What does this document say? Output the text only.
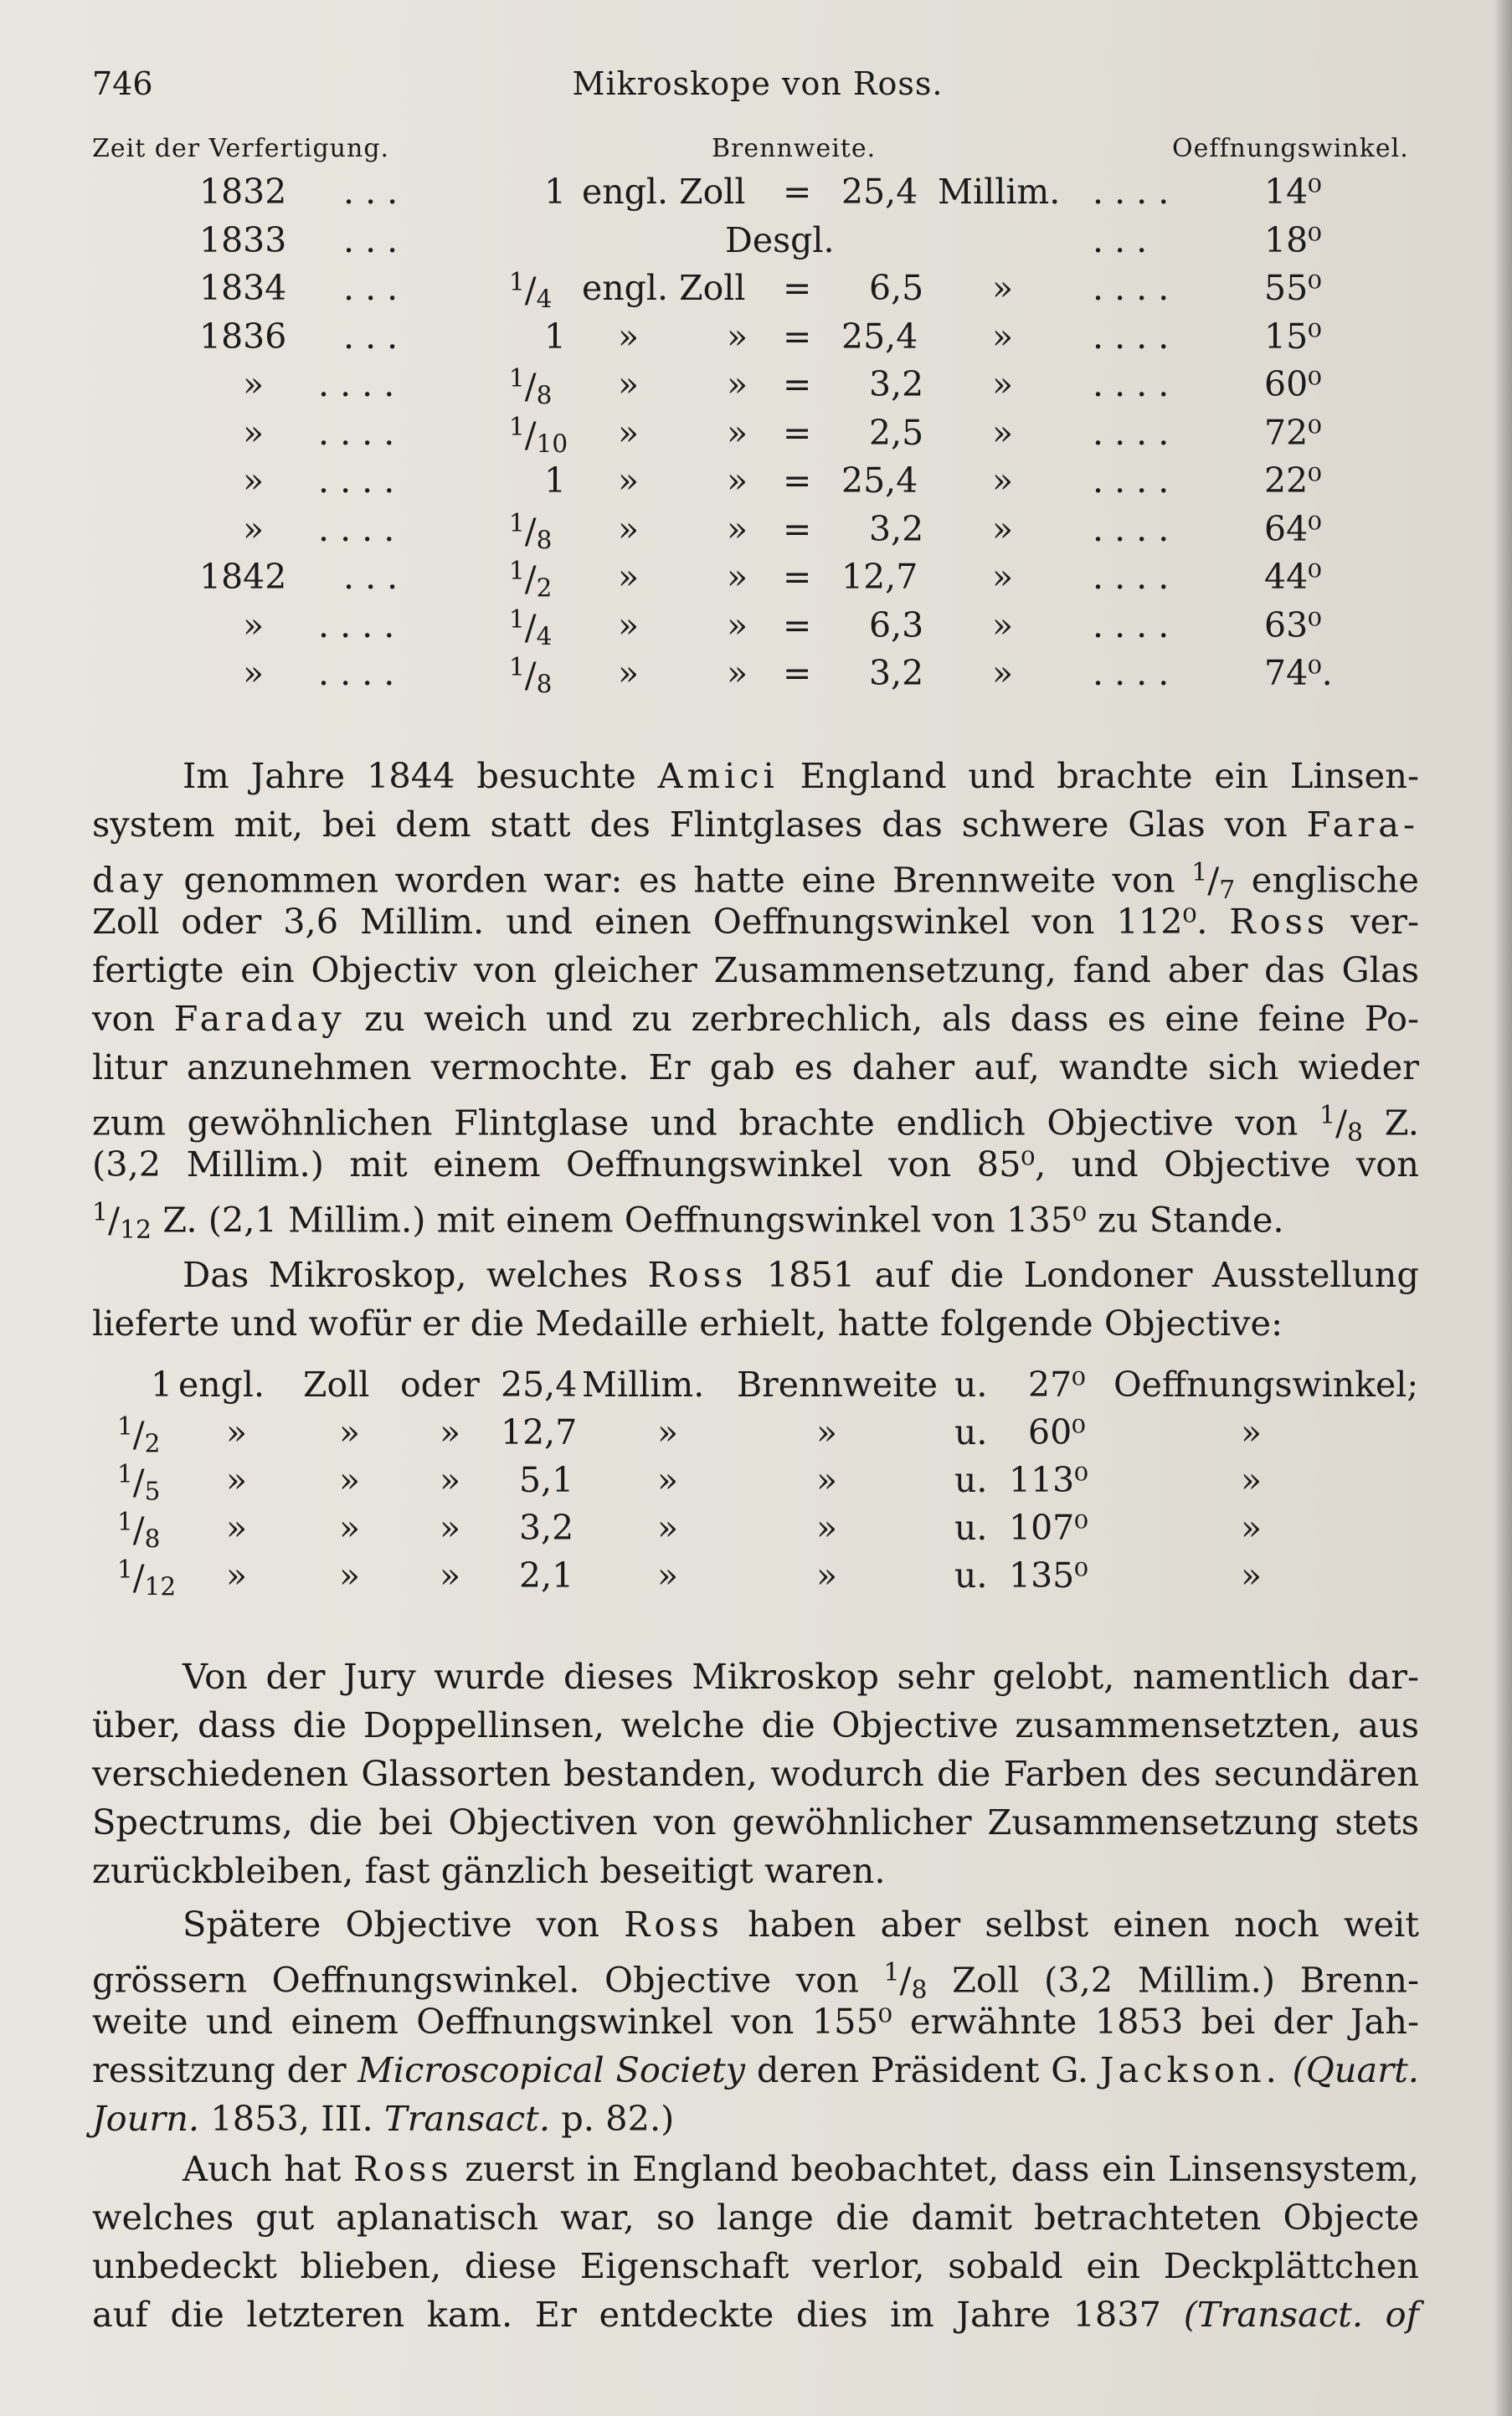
746	Mikroskope von Ross.
Zeit der Verfertigung.	Brennweite.	Oeffnungswinkel.
1832 . . .	1 engl. Zoll = 25,4 Millim. . . . .	14⁰
1833 . . .	Desgl.	. . .	18⁰
1834 . . .	$^1$/4 engl. Zoll = 6,5 » . . . .	55⁰
1836 . . .	1 »	» = 25,4 » . . . .	15⁰
» . . . .	$^1$/8 »	» = 3,2 » . . . .	60⁰
» . . . .	$^1$/10 »	» = 2,5 » . . . .	72⁰
» . . . .	1 »	» = 25,4 » . . . .	22⁰
» . . . .	$^1$/8 »	» = 3,2 » . . . .	64⁰
1842 . . .	$^1$/2 »	» = 12,7 » . . . .	44⁰
» . . . .	$^1$/4 »	» = 6,3 » . . . .	63⁰
» . . . .	$^1$/8 »	» = 3,2 » . . . .	74⁰.
Im Jahre 1844 besuchte Amici England und brachte ein Linsen-
system mit, bei dem statt des Flintglases das schwere Glas von Fara-
day genommen worden war: es hatte eine Brennweite von $^1$/7 englische
Zoll oder 3,6 Millim. und einen Oeffnungswinkel von 112⁰. Ross ver-
fertigte ein Objectiv von gleicher Zusammensetzung, fand aber das Glas
von Faraday zu weich und zu zerbrechlich, als dass es eine feine Po-
litur anzunehmen vermochte. Er gab es daher auf, wandte sich wieder
zum gewöhnlichen Flintglase und brachte endlich Objective von $^1$/8 Z.
(3,2 Millim.) mit einem Oeffnungswinkel von 85⁰, und Objective von
$^1$/12 Z. (2,1 Millim.) mit einem Oeffnungswinkel von 135⁰ zu Stande.
Das Mikroskop, welches Ross 1851 auf die Londoner Ausstellung
lieferte und wofür er die Medaille erhielt, hatte folgende Objective:
1 engl. Zoll oder 25,4 Millim. Brennweite u. 27⁰ Oeffnungswinkel;
$^1$/2 »	» » 12,7 »	»	u. 60⁰	»
$^1$/5 »	» » 5,1 »	»	u. 113⁰	»
$^1$/8 »	» » 3,2 »	»	u. 107⁰	»
$^1$/12 »	» » 2,1 »	»	u. 135⁰	»
Von der Jury wurde dieses Mikroskop sehr gelobt, namentlich dar-
über, dass die Doppellinsen, welche die Objective zusammensetzten, aus
verschiedenen Glassorten bestanden, wodurch die Farben des secundären
Spectrums, die bei Objectiven von gewöhnlicher Zusammensetzung stets
zurückbleiben, fast gänzlich beseitigt waren.
Spätere Objective von Ross haben aber selbst einen noch weit
grössern Oeffnungswinkel. Objective von $^1$/8 Zoll (3,2 Millim.) Brenn-
weite und einem Oeffnungswinkel von 155⁰ erwähnte 1853 bei der Jah-
ressitzung der Microscopical Society deren Präsident G. Jackson. (Quart.
Journ. 1853, III. Transact. p. 82.)
Auch hat Ross zuerst in England beobachtet, dass ein Linsensystem,
welches gut aplanatisch war, so lange die damit betrachteten Objecte
unbedeckt blieben, diese Eigenschaft verlor, sobald ein Deckplättchen
auf die letzteren kam. Er entdeckte dies im Jahre 1837 (Transact. of
